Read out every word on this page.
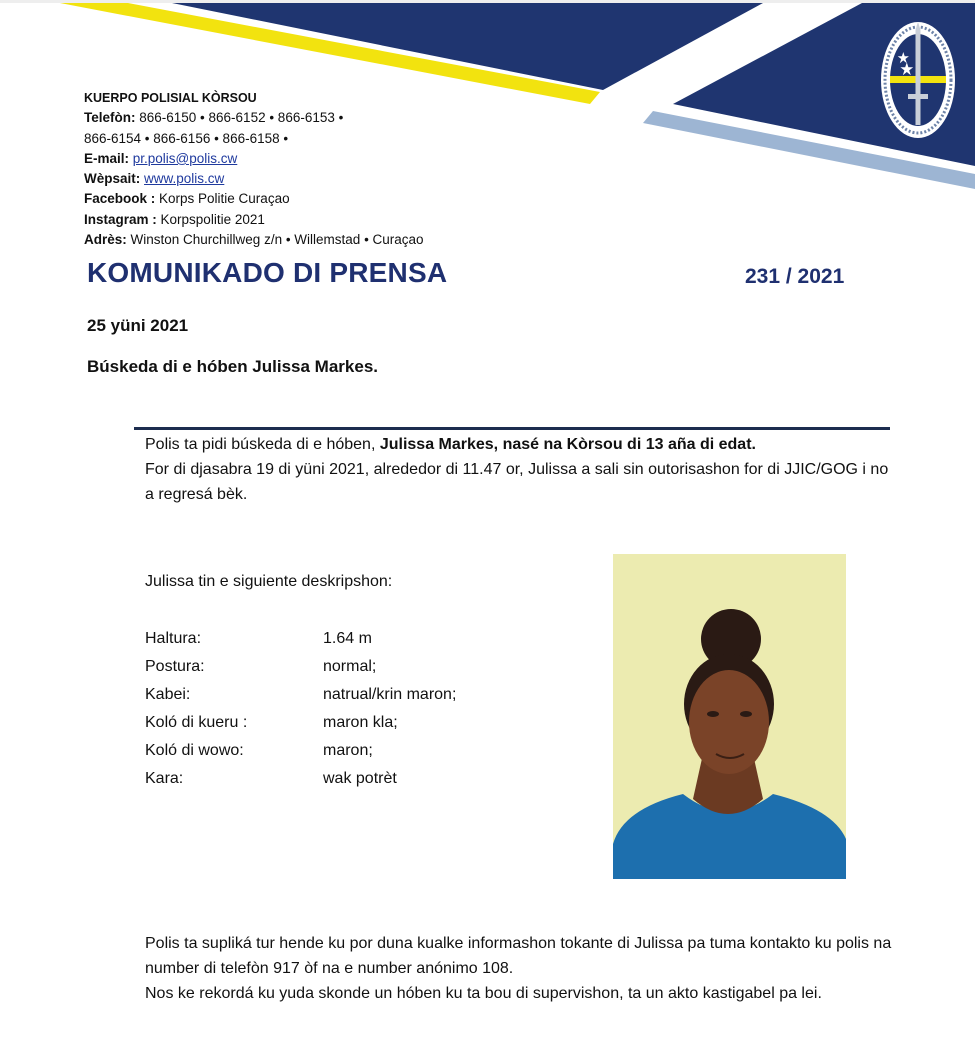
KUERPO POLISIAL KÒRSOU
Telefòn: 866-6150 • 866-6152 • 866-6153 •
866-6154 • 866-6156 • 866-6158 •
E-mail: pr.polis@polis.cw
Wèpsait: www.polis.cw
Facebook : Korps Politie Curaçao
Instagram : Korpspolitie 2021
Adrès: Winston Churchillweg z/n • Willemstad • Curaçao
KOMUNIKADO DI PRENSA	231 / 2021
25 yüni 2021
Búskeda di e hóben Julissa Markes.
Polis ta pidi búskeda di e hóben, Julissa Markes, nasé na Kòrsou di 13 aña di edat.
For di djasabra 19 di yüni 2021, alrededor di 11.47 or, Julissa a sali sin outorisashon for di JJIC/GOG i no a regresá bèk.
Julissa tin e siguiente deskripshon:
Haltura:	1.64 m
Postura:	normal;
Kabei:	natrual/krin maron;
Koló di kueru :	maron kla;
Koló di wowo:	maron;
Kara:	wak potrèt
Polis ta supliká tur hende ku por duna kualke informashon tokante di Julissa pa tuma kontakto ku polis na number di telefòn 917 òf na e number anónimo 108.
Nos ke rekordá ku yuda skonde un hóben ku ta bou di supervishon, ta un akto kastigabel pa lei.
